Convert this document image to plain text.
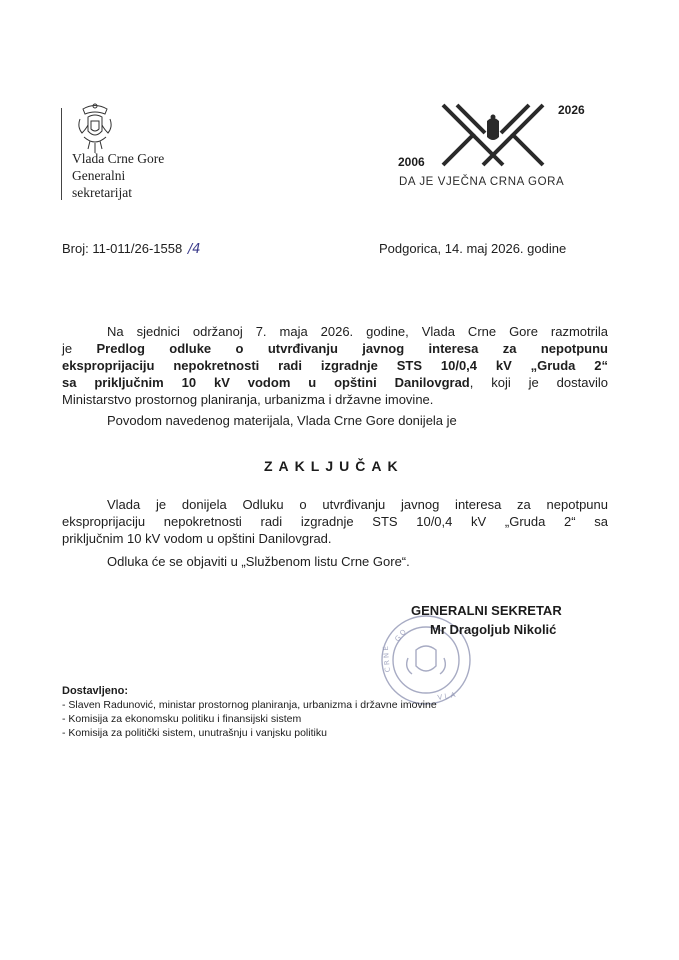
Vlada Crne Gore
Generalni
sekretarijat
2006
2026
DA JE VJEČNA CRNA GORA
Broj: 11-011/26-1558 /4	Podgorica, 14. maj 2026. godine
Na sjednici održanoj 7. maja 2026. godine, Vlada Crne Gore razmotrila
je Predlog odluke o utvrđivanju javnog interesa za nepotpunu
eksproprijaciju nepokretnosti radi izgradnje STS 10/0,4 kV „Gruda 2“
sa priključnim 10 kV vodom u opštini Danilovgrad, koji je dostavilo
Ministarstvo prostornog planiranja, urbanizma i državne imovine.
Povodom navedenog materijala, Vlada Crne Gore donijela je
ZAKLJUČAK
Vlada je donijela Odluku o utvrđivanju javnog interesa za nepotpunu
eksproprijaciju nepokretnosti radi izgradnje STS 10/0,4 kV „Gruda 2“ sa
priključnim 10 kV vodom u opštini Danilovgrad.
Odluka će se objaviti u „Službenom listu Crne Gore“.
G O
C R N E
V L A
GENERALNI SEKRETAR
Mr Dragoljub Nikolić
Dostavljeno:
- Slaven Radunović, ministar prostornog planiranja, urbanizma i državne imovine
- Komisija za ekonomsku politiku i finansijski sistem
- Komisija za politički sistem, unutrašnju i vanjsku politiku
